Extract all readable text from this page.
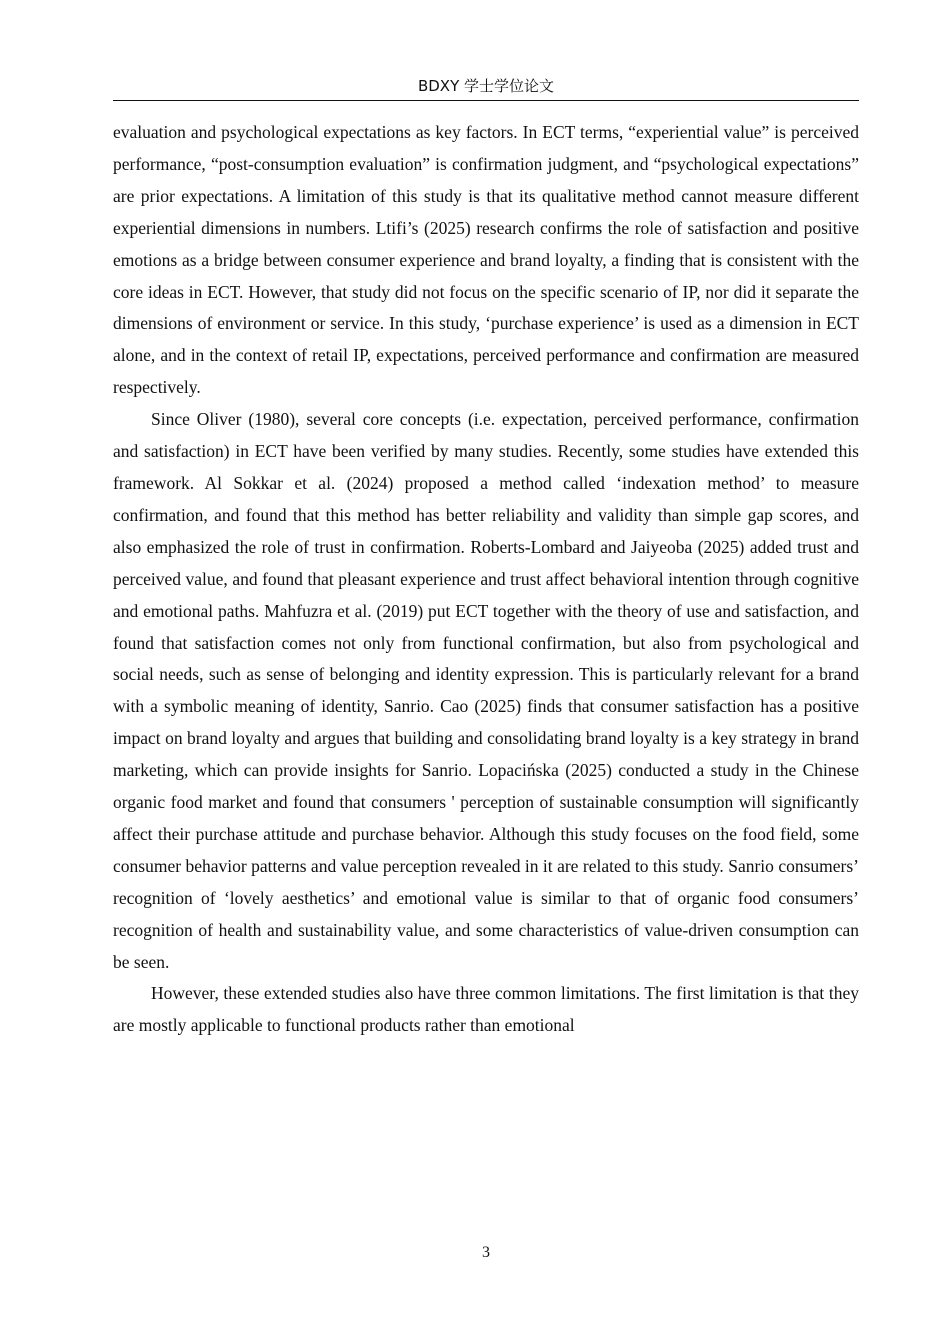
BDXY 学士学位论文

evaluation and psychological expectations as key factors. In ECT terms, “experiential value” is perceived performance, “post-consumption evaluation” is confirmation judgment, and “psychological expectations” are prior expectations. A limitation of this study is that its qualitative method cannot measure different experiential dimensions in numbers. Ltifi’s (2025) research confirms the role of satisfaction and positive emotions as a bridge between consumer experience and brand loyalty, a finding that is consistent with the core ideas in ECT. However, that study did not focus on the specific scenario of IP, nor did it separate the dimensions of environment or service. In this study, ‘purchase experience’ is used as a dimension in ECT alone, and in the context of retail IP, expectations, perceived performance and confirmation are measured respectively.

Since Oliver (1980), several core concepts (i.e. expectation, perceived performance, confirmation and satisfaction) in ECT have been verified by many studies. Recently, some studies have extended this framework. Al Sokkar et al. (2024) proposed a method called ‘indexation method’ to measure confirmation, and found that this method has better reliability and validity than simple gap scores, and also emphasized the role of trust in confirmation. Roberts-Lombard and Jaiyeoba (2025) added trust and perceived value, and found that pleasant experience and trust affect behavioral intention through cognitive and emotional paths. Mahfuzra et al. (2019) put ECT together with the theory of use and satisfaction, and found that satisfaction comes not only from functional confirmation, but also from psychological and social needs, such as sense of belonging and identity expression. This is particularly relevant for a brand with a symbolic meaning of identity, Sanrio. Cao (2025) finds that consumer satisfaction has a positive impact on brand loyalty and argues that building and consolidating brand loyalty is a key strategy in brand marketing, which can provide insights for Sanrio. Lopacińska (2025) conducted a study in the Chinese organic food market and found that consumers ' perception of sustainable consumption will significantly affect their purchase attitude and purchase behavior. Although this study focuses on the food field, some consumer behavior patterns and value perception revealed in it are related to this study. Sanrio consumers’ recognition of ‘lovely aesthetics’ and emotional value is similar to that of organic food consumers’ recognition of health and sustainability value, and some characteristics of value-driven consumption can be seen.

However, these extended studies also have three common limitations. The first limitation is that they are mostly applicable to functional products rather than emotional

3
